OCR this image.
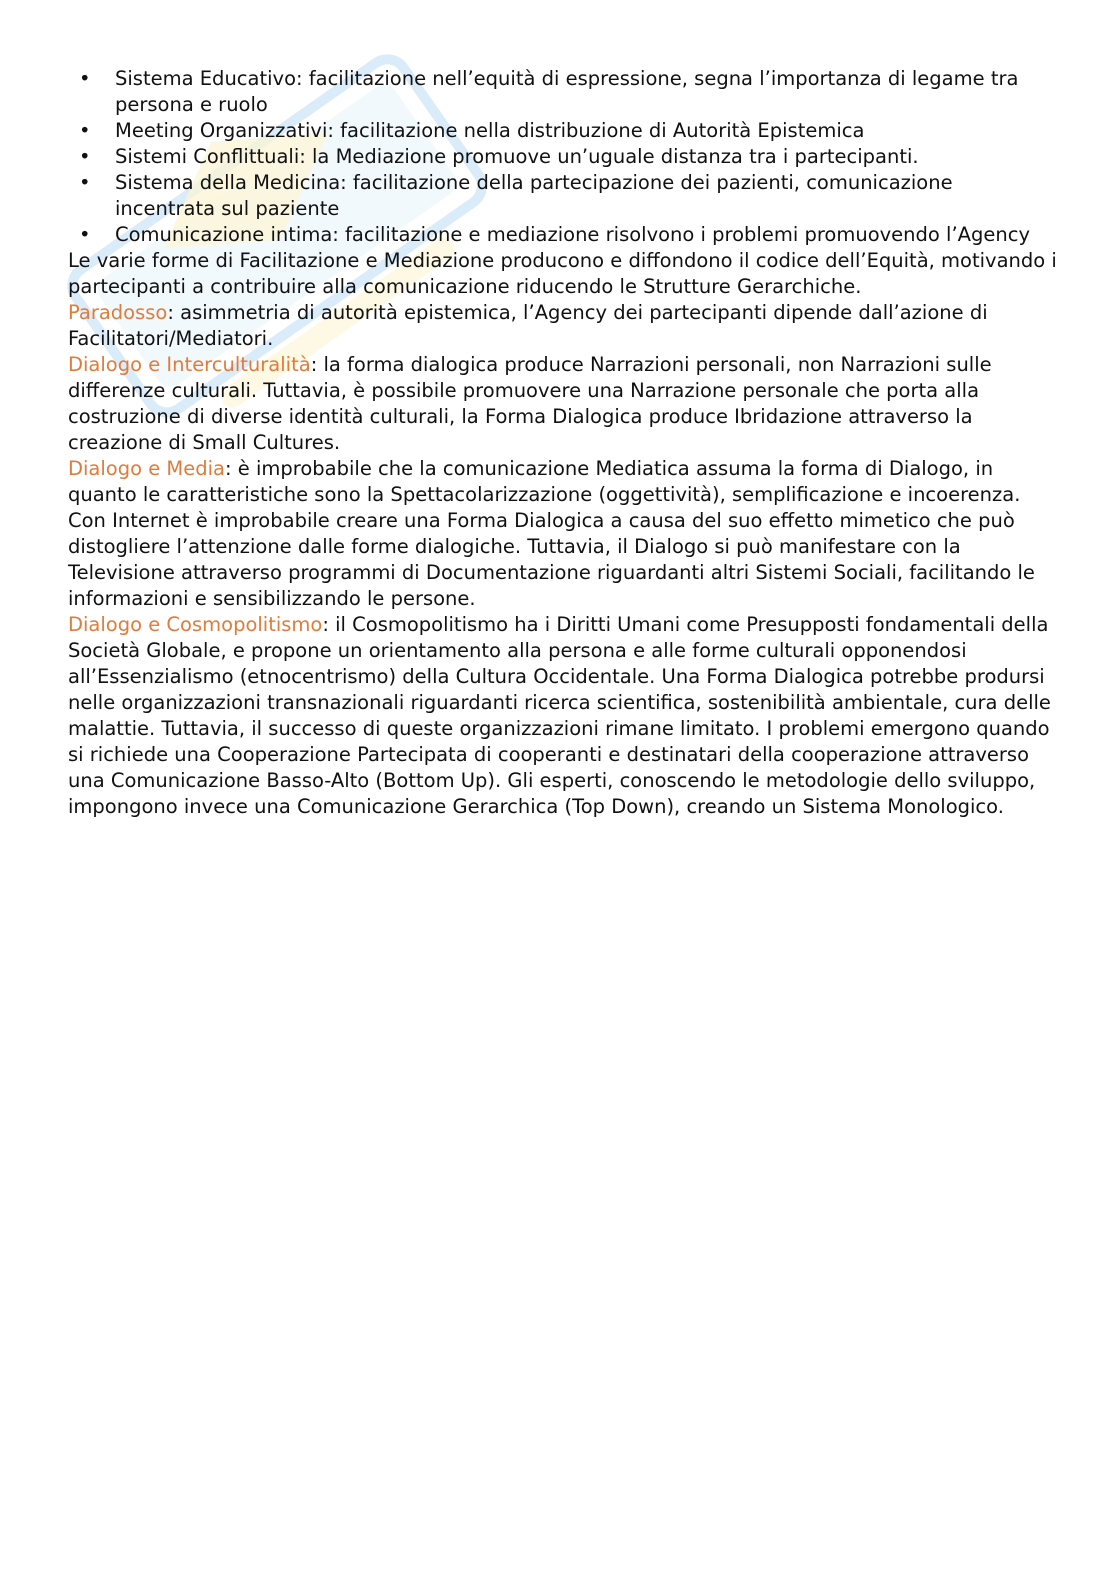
• Sistema Educativo: facilitazione nell’equità di espressione, segna l’importanza di legame tra persona e ruolo
• Meeting Organizzativi: facilitazione nella distribuzione di Autorità Epistemica
• Sistemi Conflittuali: la Mediazione promuove un’uguale distanza tra i partecipanti.
• Sistema della Medicina: facilitazione della partecipazione dei pazienti, comunicazione incentrata sul paziente
• Comunicazione intima: facilitazione e mediazione risolvono i problemi promuovendo l’Agency

Le varie forme di Facilitazione e Mediazione producono e diffondono il codice dell’Equità, motivando i partecipanti a contribuire alla comunicazione riducendo le Strutture Gerarchiche.

Paradosso: asimmetria di autorità epistemica, l’Agency dei partecipanti dipende dall’azione di Facilitatori/Mediatori.

Dialogo e Interculturalità: la forma dialogica produce Narrazioni personali, non Narrazioni sulle differenze culturali. Tuttavia, è possibile promuovere una Narrazione personale che porta alla costruzione di diverse identità culturali, la Forma Dialogica produce Ibridazione attraverso la creazione di Small Cultures.

Dialogo e Media: è improbabile che la comunicazione Mediatica assuma la forma di Dialogo, in quanto le caratteristiche sono la Spettacolarizzazione (oggettività), semplificazione e incoerenza. Con Internet è improbabile creare una Forma Dialogica a causa del suo effetto mimetico che può distogliere l’attenzione dalle forme dialogiche. Tuttavia, il Dialogo si può manifestare con la Televisione attraverso programmi di Documentazione riguardanti altri Sistemi Sociali, facilitando le informazioni e sensibilizzando le persone.

Dialogo e Cosmopolitismo: il Cosmopolitismo ha i Diritti Umani come Presupposti fondamentali della Società Globale, e propone un orientamento alla persona e alle forme culturali opponendosi all’Essenzialismo (etnocentrismo) della Cultura Occidentale. Una Forma Dialogica potrebbe prodursi nelle organizzazioni transnazionali riguardanti ricerca scientifica, sostenibilità ambientale, cura delle malattie. Tuttavia, il successo di queste organizzazioni rimane limitato. I problemi emergono quando si richiede una Cooperazione Partecipata di cooperanti e destinatari della cooperazione attraverso una Comunicazione Basso-Alto (Bottom Up). Gli esperti, conoscendo le metodologie dello sviluppo, impongono invece una Comunicazione Gerarchica (Top Down), creando un Sistema Monologico.
